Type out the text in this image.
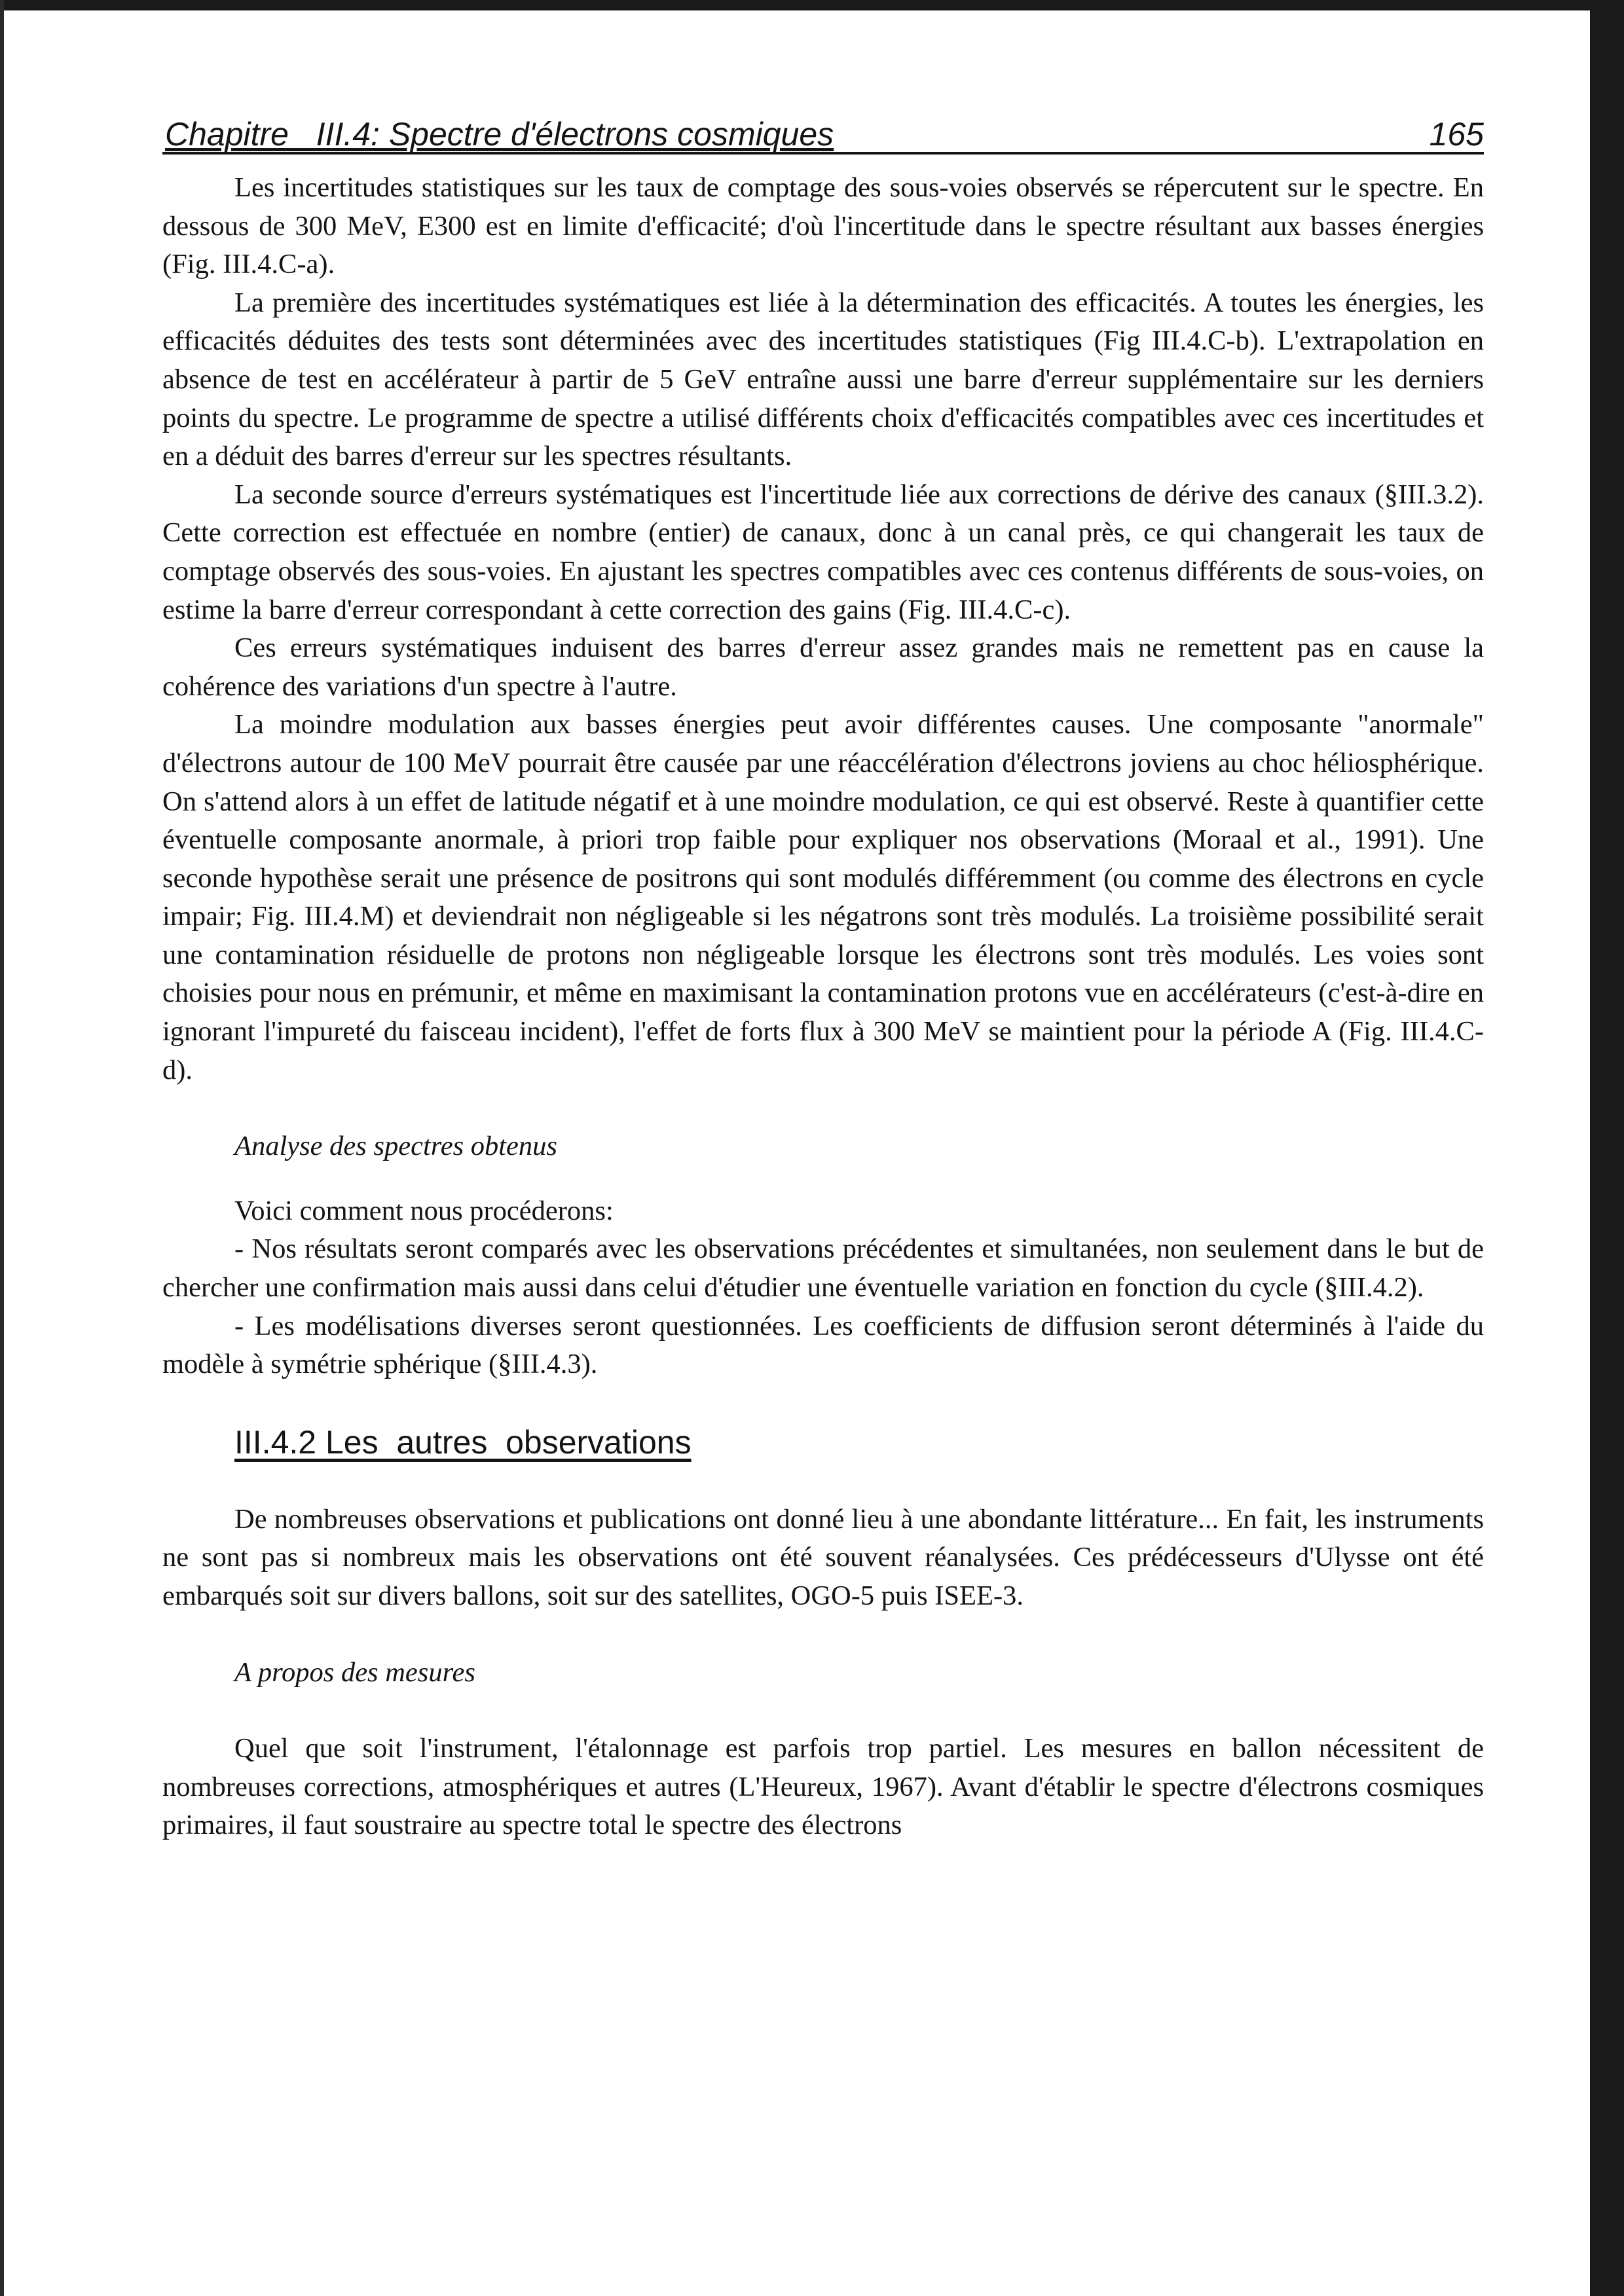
Chapitre   III.4: Spectre d'électrons cosmiques	165

Les incertitudes statistiques sur les taux de comptage des sous-voies observés se répercutent sur le spectre. En dessous de 300 MeV, E300 est en limite d'efficacité; d'où l'incertitude dans le spectre résultant aux basses énergies (Fig. III.4.C-a).

La première des incertitudes systématiques est liée à la détermination des efficacités. A toutes les énergies, les efficacités déduites des tests sont déterminées avec des incertitudes statistiques (Fig III.4.C-b). L'extrapolation en absence de test en accélérateur à partir de 5 GeV entraîne aussi une barre d'erreur supplémentaire sur les derniers points du spectre. Le programme de spectre a utilisé différents choix d'efficacités compatibles avec ces incertitudes et en a déduit des barres d'erreur sur les spectres résultants.

La seconde source d'erreurs systématiques est l'incertitude liée aux corrections de dérive des canaux (§III.3.2). Cette correction est effectuée en nombre (entier) de canaux, donc à un canal près, ce qui changerait les taux de comptage observés des sous-voies. En ajustant les spectres compatibles avec ces contenus différents de sous-voies, on estime la barre d'erreur correspondant à cette correction des gains (Fig. III.4.C-c).

Ces erreurs systématiques induisent des barres d'erreur assez grandes mais ne remettent pas en cause la cohérence des variations d'un spectre à l'autre.

La moindre modulation aux basses énergies peut avoir différentes causes. Une composante "anormale" d'électrons autour de 100 MeV pourrait être causée par une réaccélération d'électrons joviens au choc héliosphérique. On s'attend alors à un effet de latitude négatif et à une moindre modulation, ce qui est observé. Reste à quantifier cette éventuelle composante anormale, à priori trop faible pour expliquer nos observations (Moraal et al., 1991). Une seconde hypothèse serait une présence de positrons qui sont modulés différemment (ou comme des électrons en cycle impair; Fig. III.4.M) et deviendrait non négligeable si les négatrons sont très modulés. La troisième possibilité serait une contamination résiduelle de protons non négligeable lorsque les électrons sont très modulés. Les voies sont choisies pour nous en prémunir, et même en maximisant la contamination protons vue en accélérateurs (c'est-à-dire en ignorant l'impureté du faisceau incident), l'effet de forts flux à 300 MeV se maintient pour la période A (Fig. III.4.C-d).

Analyse des spectres obtenus

Voici comment nous procéderons:

- Nos résultats seront comparés avec les observations précédentes et simultanées, non seulement dans le but de chercher une confirmation mais aussi dans celui d'étudier une éventuelle variation en fonction du cycle (§III.4.2).

- Les modélisations diverses seront questionnées. Les coefficients de diffusion seront déterminés à l'aide du modèle à symétrie sphérique (§III.4.3).

III.4.2 Les  autres  observations

De nombreuses observations et publications ont donné lieu à une abondante littérature... En fait, les instruments ne sont pas si nombreux mais les observations ont été souvent réanalysées. Ces prédécesseurs d'Ulysse ont été embarqués soit sur divers ballons, soit sur des satellites, OGO-5 puis ISEE-3.

A propos des mesures

Quel que soit l'instrument, l'étalonnage est parfois trop partiel. Les mesures en ballon nécessitent de nombreuses corrections, atmosphériques et autres (L'Heureux, 1967). Avant d'établir le spectre d'électrons cosmiques primaires, il faut soustraire au spectre total le spectre des électrons
